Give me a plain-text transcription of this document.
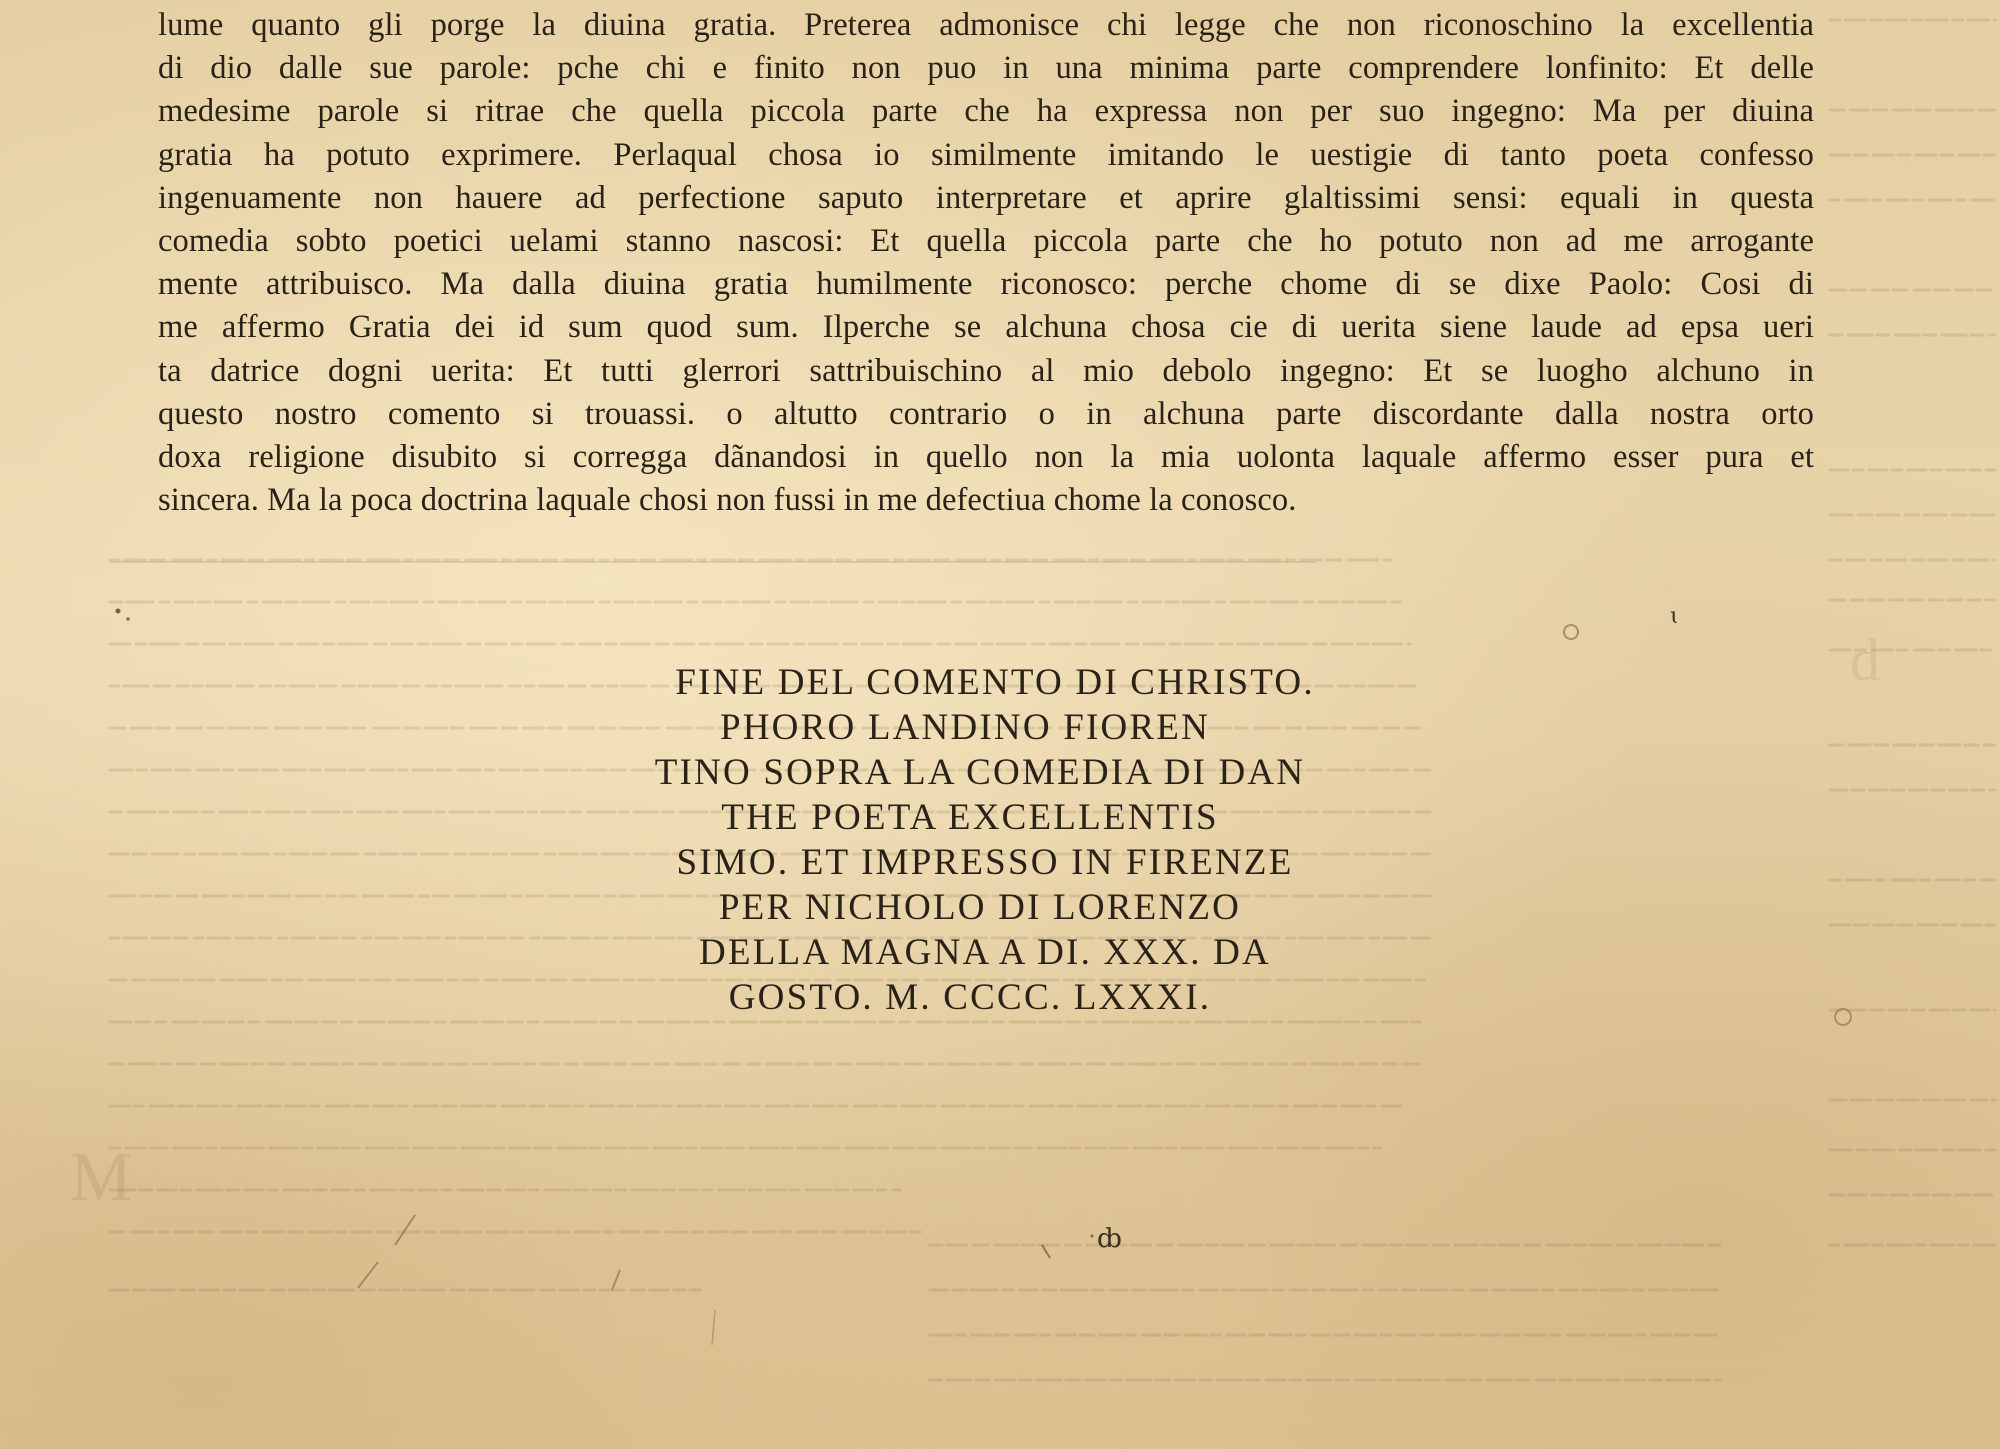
───────────────────────────────────────────────────────────────
M
d
lume quanto gli porge la diuina gratia. Preterea admonisce chi legge che non riconoschino la excellentia
di dio dalle sue parole: pche chi e finito non puo in una minima parte comprendere lonfinito: Et delle
medesime parole si ritrae che quella piccola parte che ha expressa non per suo ingegno: Ma per diuina
gratia ha potuto exprimere. Perlaqual chosa io similmente imitando le uestigie di tanto poeta confesso
ingenuamente non hauere ad perfectione saputo interpretare et aprire glaltissimi sensi: equali in questa
comedia sobto poetici uelami stanno nascosi: Et quella piccola parte che ho potuto non ad me arrogante
mente attribuisco. Ma dalla diuina gratia humilmente riconosco: perche chome di se dixe Paolo: Cosi di
me affermo Gratia dei id sum quod sum. Ilperche se alchuna chosa cie di uerita siene laude ad epsa ueri
ta datrice dogni uerita: Et tutti glerrori sattribuischino al mio debolo ingegno: Et se luogho alchuno in
questo nostro comento si trouassi. o altutto contrario o in alchuna parte discordante dalla nostra orto
doxa religione disubito si corregga dãnandosi in quello non la mia uolonta laquale affermo esser pura et
sincera. Ma la poca doctrina laquale chosi non fussi in me defectiua chome la conosco.
FINE DEL COMENTO DI CHRISTO.
PHORO LANDINO FIOREN
TINO SOPRA LA COMEDIA DI DAN
THE POETA EXCELLENTIS
SIMO. ET IMPRESSO IN FIRENZE
PER NICHOLO DI LORENZO
DELLA MAGNA A DI. XXX. DA
GOSTO. M. CCCC. LXXXI.
ȸ
ɩ
